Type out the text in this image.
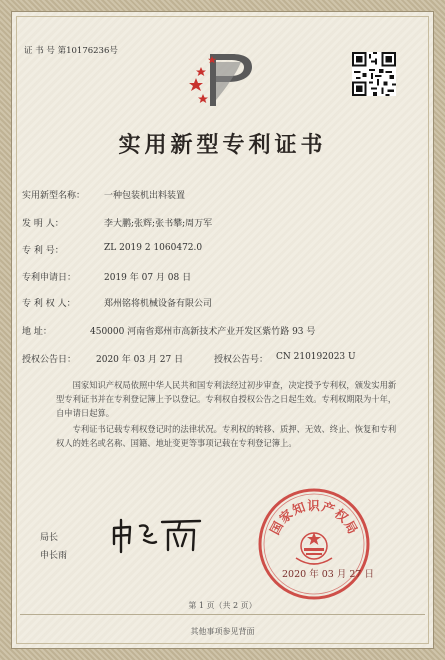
证 书 号 第10176236号
实用新型专利证书
实用新型名称： 一种包装机出料装置
发 明 人：	李大鹏;张辉;张书攀;周万军
专 利 号：	ZL 2019 2 1060472.0
专利申请日：	2019 年 07 月 08 日
专 利 权 人：	郑州铭将机械设备有限公司
地 址：	450000 河南省郑州市高新技术产业开发区紫竹路 93 号
授权公告日： 2020 年 03 月 27 日	授权公告号： CN 210192023 U
国家知识产权局依照中华人民共和国专利法经过初步审查，决定授予专利权，颁发实用新型专利证书并在专利登记簿上予以登记。专利权自授权公告之日起生效。专利权期限为十年，自申请日起算。
专利证书记载专利权登记时的法律状况。专利权的转移、质押、无效、终止、恢复和专利权人的姓名或名称、国籍、地址变更等事项记载在专利登记簿上。
局长
申长雨
国家知识产权局
2020 年 03 月 27 日
第 1 页（共 2 页）
其他事项参见背面
